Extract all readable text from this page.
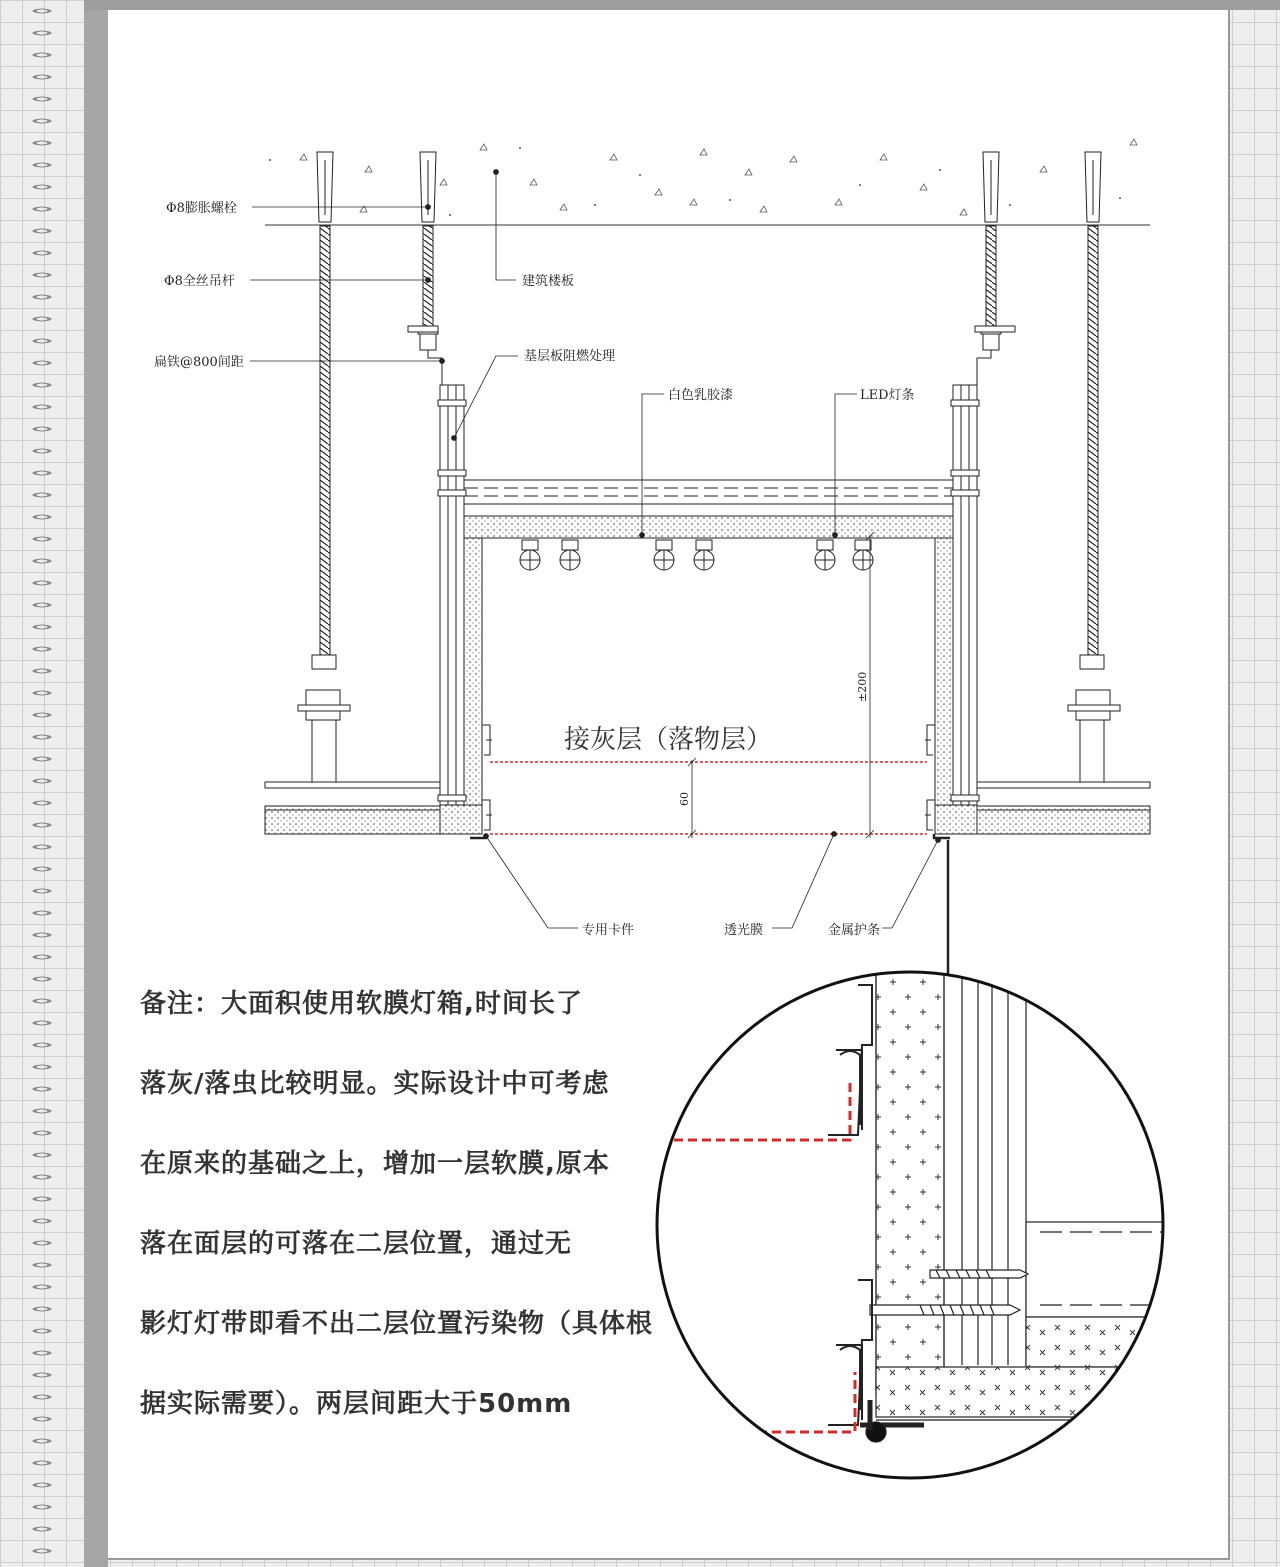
60
±200
Φ8膨胀螺栓
Φ8全丝吊杆
扁铁@800间距
建筑楼板
基层板阻燃处理
白色乳胶漆	LED灯条
接灰层（落物层）
专用卡件	透光膜	金属护条
备注：大面积使用软膜灯箱,时间长了
落灰/落虫比较明显。实际设计中可考虑
在原来的基础之上，增加一层软膜,原本
落在面层的可落在二层位置，通过无
影灯灯带即看不出二层位置污染物（具体根
据实际需要）。两层间距大于50mm
